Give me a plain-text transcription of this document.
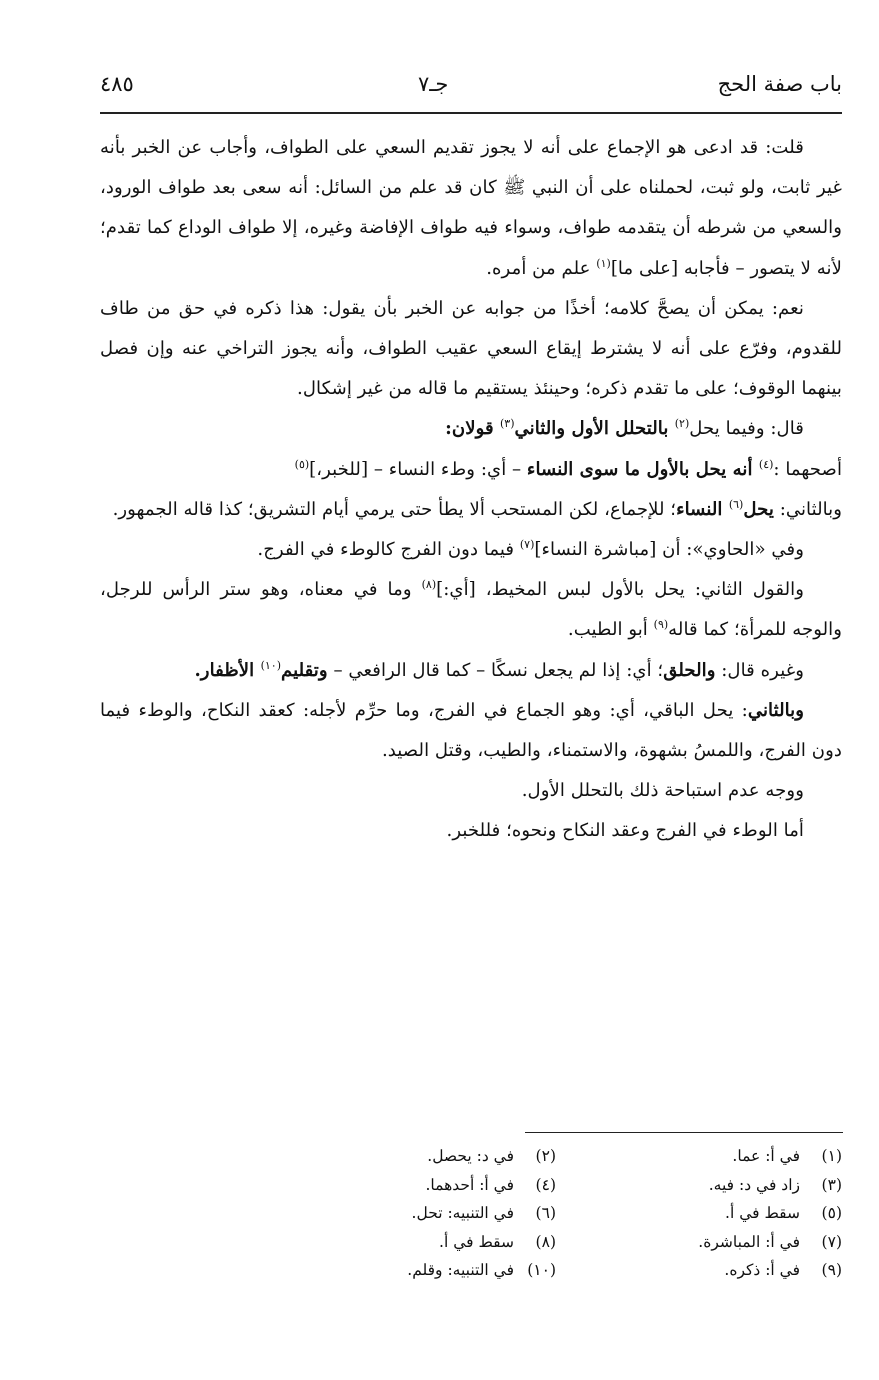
باب صفة الحج
جـ٧
٤٨٥

قلت: قد ادعى هو الإجماع على أنه لا يجوز تقديم السعي على الطواف، وأجاب عن الخبر بأنه غير ثابت، ولو ثبت، لحملناه على أن النبي ﷺ كان قد علم من السائل: أنه سعى بعد طواف الورود، والسعي من شرطه أن يتقدمه طواف، وسواء فيه طواف الإفاضة وغيره، إلا طواف الوداع كما تقدم؛ لأنه لا يتصور – فأجابه [على ما]$^{(١)}$ علم من أمره.

نعم: يمكن أن يصحَّ كلامه؛ أخذًا من جوابه عن الخبر بأن يقول: هذا ذكره في حق من طاف للقدوم، وفرّع على أنه لا يشترط إيقاع السعي عقيب الطواف، وأنه يجوز التراخي عنه وإن فصل بينهما الوقوف؛ على ما تقدم ذكره؛ وحينئذ يستقيم ما قاله من غير إشكال.

قال: وفيما يحل$^{(٢)}$ بالتحلل الأول والثاني$^{(٣)}$ قولان:

أصحهما :$^{(٤)}$ أنه يحل بالأول ما سوى النساء – أي: وطء النساء – [للخبر،]$^{(٥)}$

وبالثاني: يحل$^{(٦)}$ النساء؛ للإجماع، لكن المستحب ألا يطأ حتى يرمي أيام التشريق؛ كذا قاله الجمهور.

وفي «الحاوي»: أن [مباشرة النساء]$^{(٧)}$ فيما دون الفرج كالوطء في الفرج.

والقول الثاني: يحل بالأول لبس المخيط، [أي:]$^{(٨)}$ وما في معناه، وهو ستر الرأس للرجل، والوجه للمرأة؛ كما قاله$^{(٩)}$ أبو الطيب.

وغيره قال: والحلق؛ أي: إذا لم يجعل نسكًا – كما قال الرافعي – وتقليم$^{(١٠)}$ الأظفار.

وبالثاني: يحل الباقي، أي: وهو الجماع في الفرج، وما حرِّم لأجله: كعقد النكاح، والوطء فيما دون الفرج، واللمسُ بشهوة، والاستمناء، والطيب، وقتل الصيد.

ووجه عدم استباحة ذلك بالتحلل الأول.

أما الوطء في الفرج وعقد النكاح ونحوه؛ فللخبر.

(١)في أ: عما.
(٢)في د: يحصل.
(٣)زاد في د: فيه.
(٤)في أ: أحدهما.
(٥)سقط في أ.
(٦)في التنبيه: تحل.
(٧)في أ: المباشرة.
(٨)سقط في أ.
(٩)في أ: ذكره.
(١٠)في التنبيه: وقلم.
